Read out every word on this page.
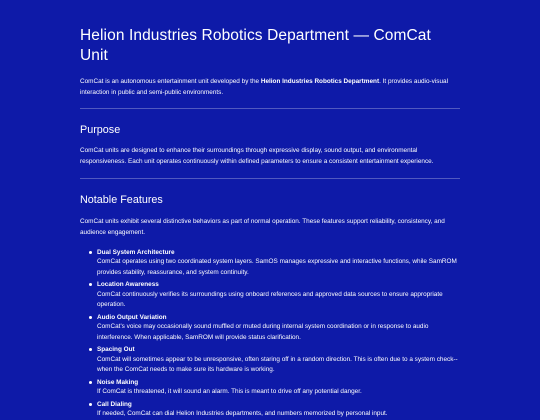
Helion Industries Robotics Department — ComCat Unit

ComCat is an autonomous entertainment unit developed by the Helion Industries Robotics Department. It provides audio-visual interaction in public and semi-public environments.

Purpose

ComCat units are designed to enhance their surroundings through expressive display, sound output, and environmental responsiveness. Each unit operates continuously within defined parameters to ensure a consistent entertainment experience.

Notable Features

ComCat units exhibit several distinctive behaviors as part of normal operation. These features support reliability, consistency, and audience engagement.

Dual System Architecture
ComCat operates using two coordinated system layers. SamOS manages expressive and interactive functions, while SamROM provides stability, reassurance, and system continuity.
Location Awareness
ComCat continuously verifies its surroundings using onboard references and approved data sources to ensure appropriate operation.
Audio Output Variation
ComCat's voice may occasionally sound muffled or muted during internal system coordination or in response to audio interference. When applicable, SamROM will provide status clarification.
Spacing Out
ComCat will sometimes appear to be unresponsive, often staring off in a random direction. This is often due to a system check--when the ComCat needs to make sure its hardware is working.
Noise Making
If ComCat is threatened, it will sound an alarm. This is meant to drive off any potential danger.
Call Dialing
If needed, ComCat can dial Helion Industries departments, and numbers memorized by personal input.
